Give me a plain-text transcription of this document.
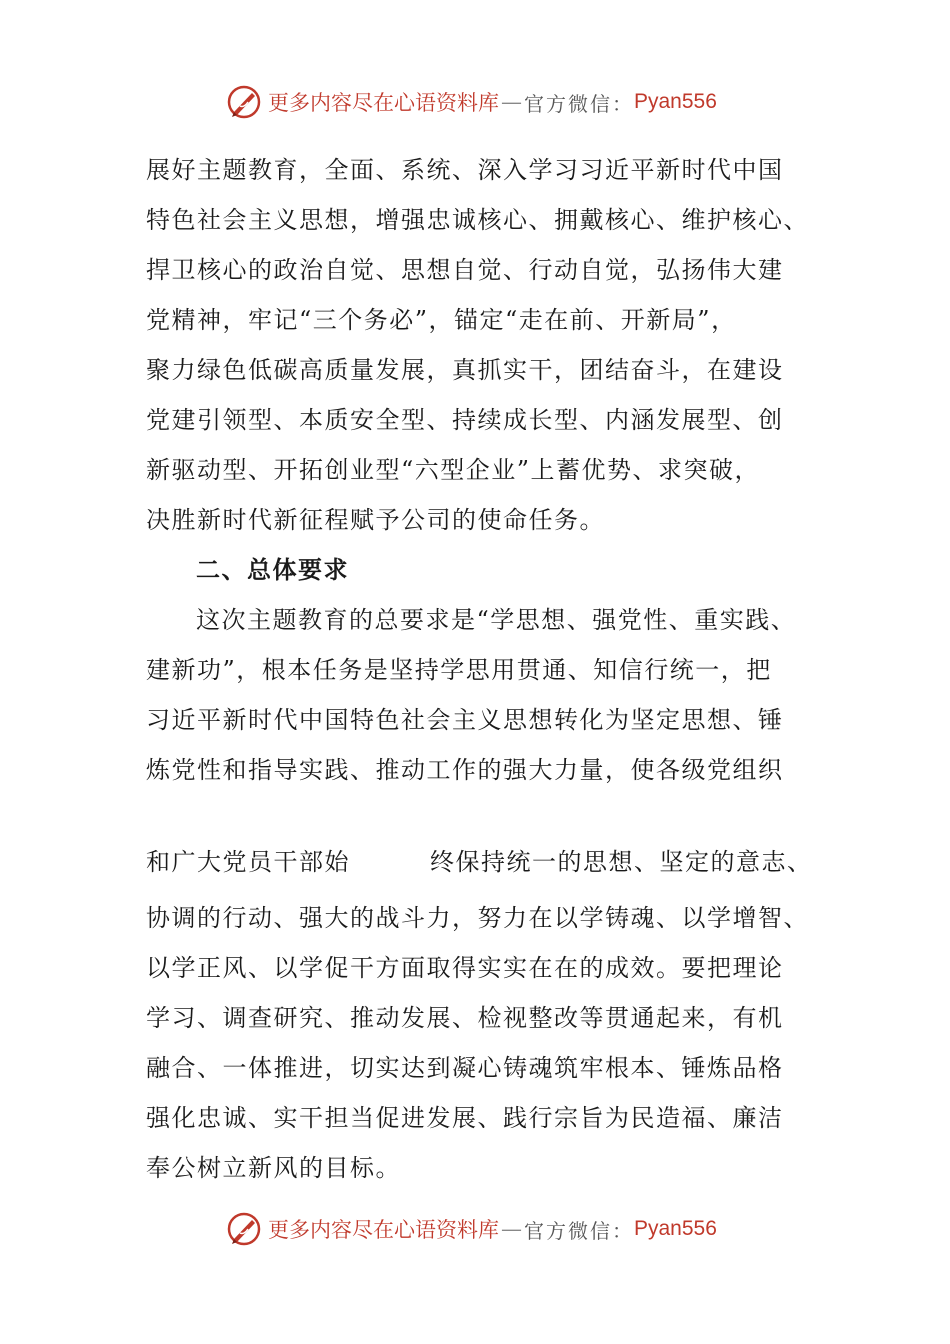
更多内容尽在心语资料库 — 官方微信： Pyan556
展好主题教育，全面、系统、深入学习习近平新时代中国
特色社会主义思想，增强忠诚核心、拥戴核心、维护核心、
捍卫核心的政治自觉、思想自觉、行动自觉，弘扬伟大建
党精神，牢记“三个务必”，锚定“走在前、开新局”，
聚力绿色低碳高质量发展，真抓实干，团结奋斗，在建设
党建引领型、本质安全型、持续成长型、内涵发展型、创
新驱动型、开拓创业型“六型企业”上蓄优势、求突破，
决胜新时代新征程赋予公司的使命任务。
二、总体要求
这次主题教育的总要求是“学思想、强党性、重实践、
建新功”，根本任务是坚持学思用贯通、知信行统一，把
习近平新时代中国特色社会主义思想转化为坚定思想、锤
炼党性和指导实践、推动工作的强大力量，使各级党组织
和广大党员干部始	终保持统一的思想、坚定的意志、
协调的行动、强大的战斗力，努力在以学铸魂、以学增智、
以学正风、以学促干方面取得实实在在的成效。要把理论
学习、调查研究、推动发展、检视整改等贯通起来，有机
融合、一体推进，切实达到凝心铸魂筑牢根本、锤炼品格
强化忠诚、实干担当促进发展、践行宗旨为民造福、廉洁
奉公树立新风的目标。
更多内容尽在心语资料库 — 官方微信： Pyan556
